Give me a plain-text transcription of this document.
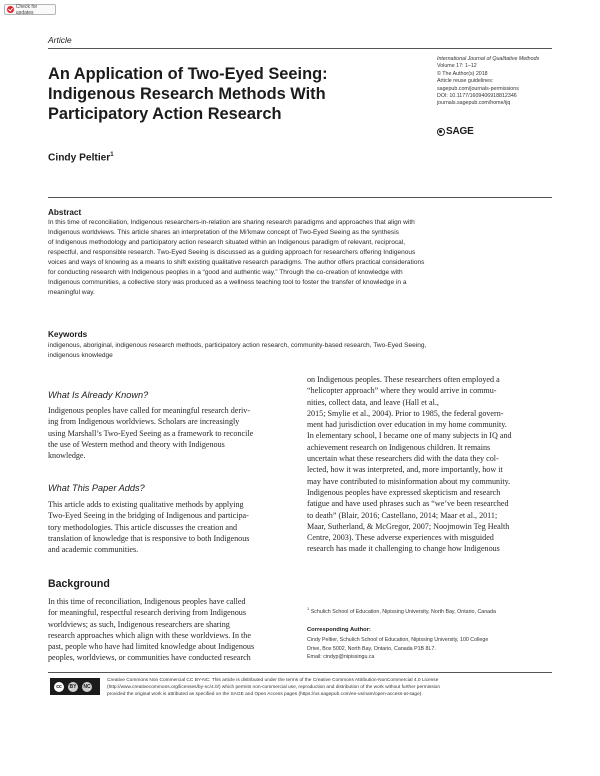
Check for updates
Article
An Application of Two-Eyed Seeing:
Indigenous Research Methods With
Participatory Action Research
International Journal of Qualitative Methods
Volume 17: 1–12
© The Author(s) 2018
Article reuse guidelines:
sagepub.com/journals-permissions
DOI: 10.1177/1609406918812346
journals.sagepub.com/home/ijq
SAGE
Cindy Peltier$^1$
Abstract
In this time of reconciliation, Indigenous researchers-in-relation are sharing research paradigms and approaches that align with
Indigenous worldviews. This article shares an interpretation of the Mi’kmaw concept of Two-Eyed Seeing as the synthesis
of Indigenous methodology and participatory action research situated within an Indigenous paradigm of relevant, reciprocal,
respectful, and responsible research. Two-Eyed Seeing is discussed as a guiding approach for researchers offering Indigenous
voices and ways of knowing as a means to shift existing qualitative research paradigms. The author offers practical considerations
for conducting research with Indigenous peoples in a “good and authentic way.” Through the co-creation of knowledge with
Indigenous communities, a collective story was produced as a wellness teaching tool to foster the transfer of knowledge in a
meaningful way.
Keywords
indigenous, aboriginal, indigenous research methods, participatory action research, community-based research, Two-Eyed Seeing,
indigenous knowledge
What Is Already Known?
Indigenous peoples have called for meaningful research deriv-
ing from Indigenous worldviews. Scholars are increasingly
using Marshall’s Two-Eyed Seeing as a framework to reconcile
the use of Western method and theory with Indigenous
knowledge.
What This Paper Adds?
This article adds to existing qualitative methods by applying
Two-Eyed Seeing in the bridging of Indigenous and participa-
tory methodologies. This article discusses the creation and
translation of knowledge that is responsive to both Indigenous
and academic communities.
Background
In this time of reconciliation, Indigenous peoples have called
for meaningful, respectful research deriving from Indigenous
worldviews; as such, Indigenous researchers are sharing
research approaches which align with these worldviews. In the
past, people who have had limited knowledge about Indigenous
peoples, worldviews, or communities have conducted research
on Indigenous peoples. These researchers often employed a
“helicopter approach” where they would arrive in commu-
nities, collect data, and leave (Hall et al.,
2015; Smylie et al., 2004). Prior to 1985, the federal govern-
ment had jurisdiction over education in my home community.
In elementary school, I became one of many subjects in IQ and
achievement research on Indigenous children. It remains
uncertain what these researchers did with the data they col-
lected, how it was interpreted, and, more importantly, how it
may have contributed to misinformation about my community.
Indigenous peoples have expressed skepticism and research
fatigue and have used phrases such as “we’ve been researched
to death” (Blair, 2016; Castellano, 2014; Maar et al., 2011;
Maar, Sutherland, & McGregor, 2007; Noojmowin Teg Health
Centre, 2003). These adverse experiences with misguided
research has made it challenging to change how Indigenous
$^1$ Schulich School of Education, Nipissing University, North Bay, Ontario, Canada
Corresponding Author:
Cindy Peltier, Schulich School of Education, Nipissing University, 100 College
Drive, Box 5002, North Bay, Ontario, Canada P1B 8L7.
Email: cindyp@nipissingu.ca
cc	BY	NC
Creative Commons Non Commercial CC BY-NC: This article is distributed under the terms of the Creative Commons Attribution-NonCommercial 4.0 License
(http://www.creativecommons.org/licenses/by-nc/4.0/) which permits non-commercial use, reproduction and distribution of the work without further permission
provided the original work is attributed as specified on the SAGE and Open Access pages (https://us.sagepub.com/en-us/nam/open-access-at-sage).
